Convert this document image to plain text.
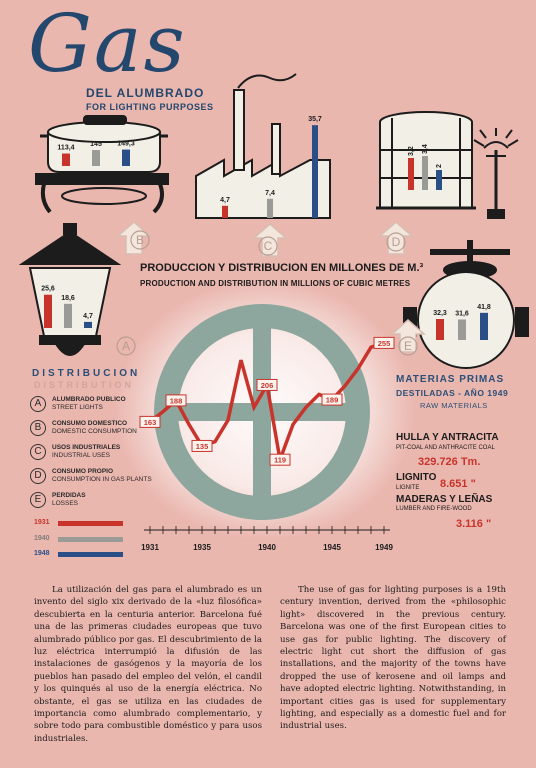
B	C	D
A	E
25,6
18,6
4,7
113,4 145 149,3
4,7
7,4
35,7
3,2 3,4
2
32,3 31,6
41,8
1931	1935	1940	1945	1949
163
188
135
206
119
189
255
Gas
DEL ALUMBRADO
FOR LIGHTING PURPOSES
PRODUCCION Y DISTRIBUCION EN MILLONES DE M.³
PRODUCTION AND DISTRIBUTION IN MILLIONS OF CUBIC METRES
DISTRIBUCION
DISTRIBUTION
A	ALUMBRADO PUBLICO
STREET LIGHTS
B	CONSUMO DOMESTICO
DOMESTIC CONSUMPTION
C	USOS INDUSTRIALES
INDUSTRIAL USES
D	CONSUMO PROPIO
CONSUMPTION IN GAS PLANTS
E	PERDIDAS
LOSSES
1931
1940
1948
MATERIAS PRIMAS
DESTILADAS - AÑO 1949
RAW MATERIALS
HULLA Y ANTRACITA
PIT-COAL AND ANTHRACITE COAL
329.726 Tm.
LIGNITO
LIGNITE 8.651 "
MADERAS Y LEÑAS
LUMBER AND FIRE-WOOD
3.116 "
La utilización del gas para el alumbrado es un invento del siglo xix derivado de la «luz filosófica» descubierta en la centuria anterior. Barcelona fué una de las primeras ciudades europeas que tuvo alumbrado público por gas. El descubrimiento de la luz eléctrica interrumpió la difusión de las instalaciones de gasógenos y la mayoría de los pueblos han pasado del empleo del velón, el candil y los quinqués al uso de la energía eléctrica. No obstante, el gas se utiliza en las ciudades de importancia como alumbrado complementario, y sobre todo para combustible doméstico y para usos industriales.
The use of gas for lighting purposes is a 19th century invention, derived from the «philosophic light» discovered in the previous century. Barcelona was one of the first European cities to use gas for public lighting. The discovery of electric light cut short the diffusion of gas installations, and the majority of the towns have dropped the use of kerosene and oil lamps and have adopted electric lighting. Notwithstanding, in important cities gas is used for supplementary lighting, and especially as a domestic fuel and for industrial uses.
